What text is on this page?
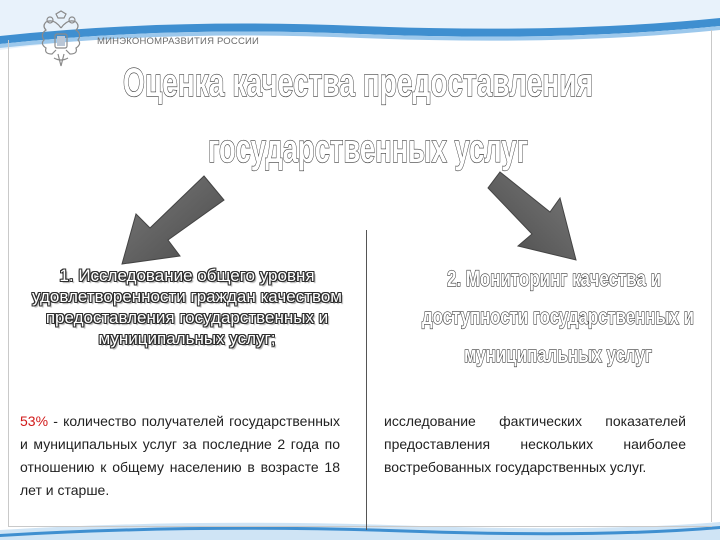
МИНЭКОНОМРАЗВИТИЯ РОССИИ
Оценка качества предоставления
государственных услуг
1. Исследование общего уровня удовлетворенности граждан качеством предоставления государственных и муниципальных услуг;
2. Мониторинг качества и
доступности государственных и
муниципальных услуг
53% - количество получателей государственных и муниципальных услуг за последние 2 года по отношению к общему населению в возрасте 18 лет и старше.
исследование фактических показателей предоставления нескольких наиболее востребованных государственных услуг.
